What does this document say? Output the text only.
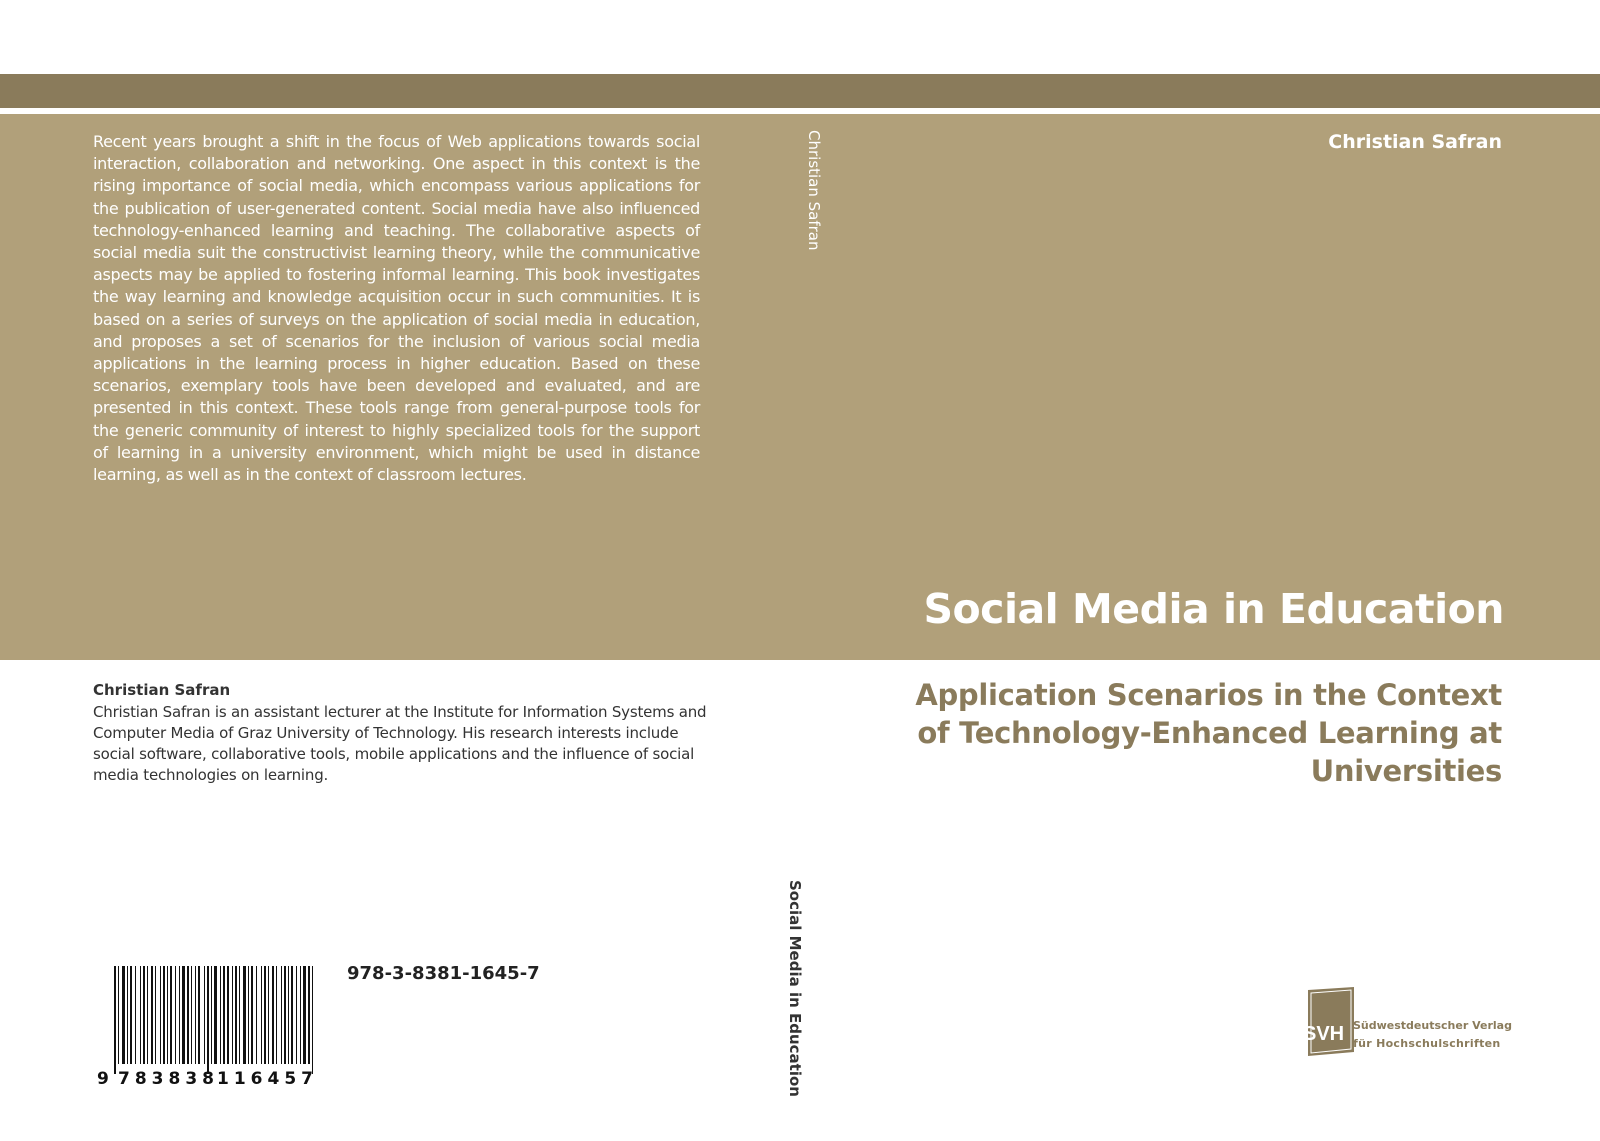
Recent years brought a shift in the focus of Web applications towards social interaction, collaboration and networking. One aspect in this context is the rising importance of social media, which encompass various applications for the publication of user-generated content. Social media have also influenced technology-enhanced learning and teaching. The collaborative aspects of social media suit the constructivist learning theory, while the communicative aspects may be applied to fostering informal learning. This book investigates the way learning and knowledge acquisition occur in such communities. It is based on a series of surveys on the application of social media in education, and proposes a set of scenarios for the inclusion of various social media applications in the learning process in higher education. Based on these scenarios, exemplary tools have been developed and evaluated, and are presented in this context. These tools range from general-purpose tools for the generic community of interest to highly specialized tools for the support of learning in a university environment, which might be used in distance learning, as well as in the context of classroom lectures.

Christian Safran	Christian Safran

Social Media in Education
Application Scenarios in the Context of Technology-Enhanced Learning at Universities

Christian Safran

Christian Safran is an assistant lecturer at the Institute for Information Systems and Computer Media of Graz University of Technology. His research interests include social software, collaborative tools, mobile applications and the influence of social media technologies on learning.

Social Media in Education

9 783838
116457

978-3-8381-1645-7

SVH Südwestdeutscher Verlag

für Hochschulschriften
